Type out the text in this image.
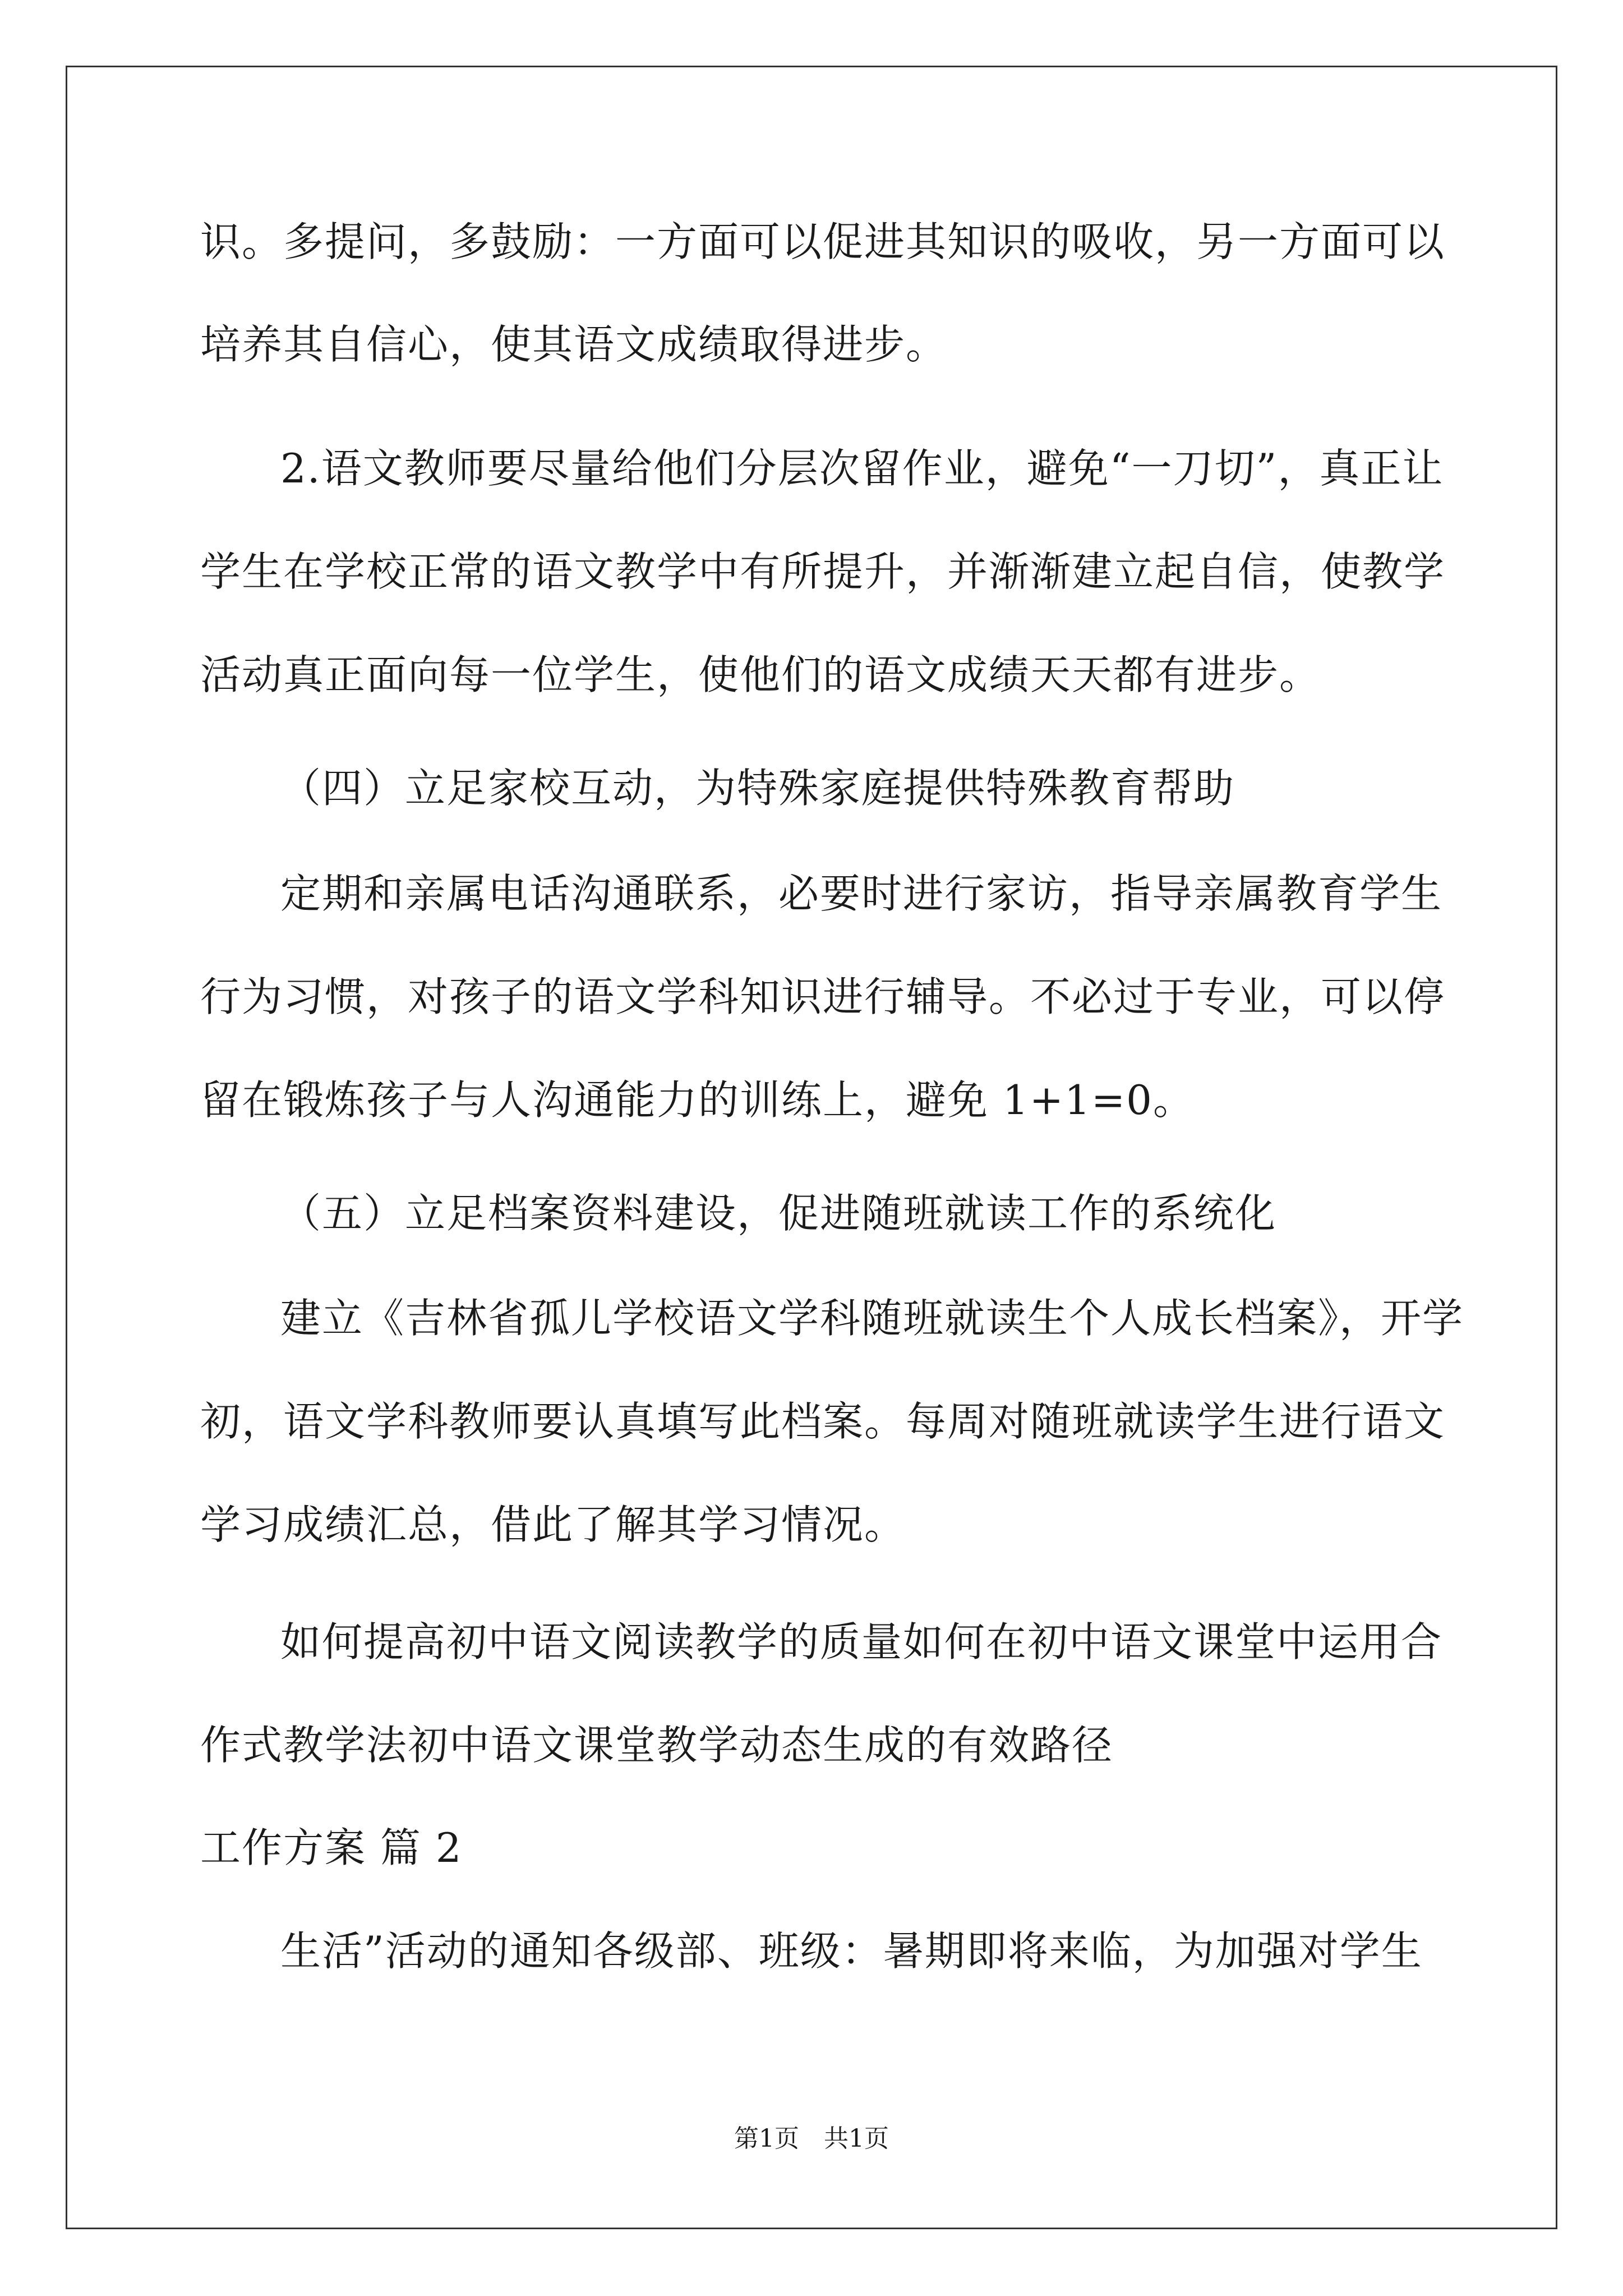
识。多提问，多鼓励：一方面可以促进其知识的吸收，另一方面可以
培养其自信心，使其语文成绩取得进步。
2.语文教师要尽量给他们分层次留作业，避免“一刀切”，真正让
学生在学校正常的语文教学中有所提升，并渐渐建立起自信，使教学
活动真正面向每一位学生，使他们的语文成绩天天都有进步。
（四）立足家校互动，为特殊家庭提供特殊教育帮助
定期和亲属电话沟通联系，必要时进行家访，指导亲属教育学生
行为习惯，对孩子的语文学科知识进行辅导。不必过于专业，可以停
留在锻炼孩子与人沟通能力的训练上，避免 1+1=0。
（五）立足档案资料建设，促进随班就读工作的系统化
建立《吉林省孤儿学校语文学科随班就读生个人成长档案》，开学
初，语文学科教师要认真填写此档案。每周对随班就读学生进行语文
学习成绩汇总，借此了解其学习情况。
如何提高初中语文阅读教学的质量如何在初中语文课堂中运用合
作式教学法初中语文课堂教学动态生成的有效路径
工作方案 篇 2
生活”活动的通知各级部、班级：暑期即将来临，为加强对学生
第1页　共1页
